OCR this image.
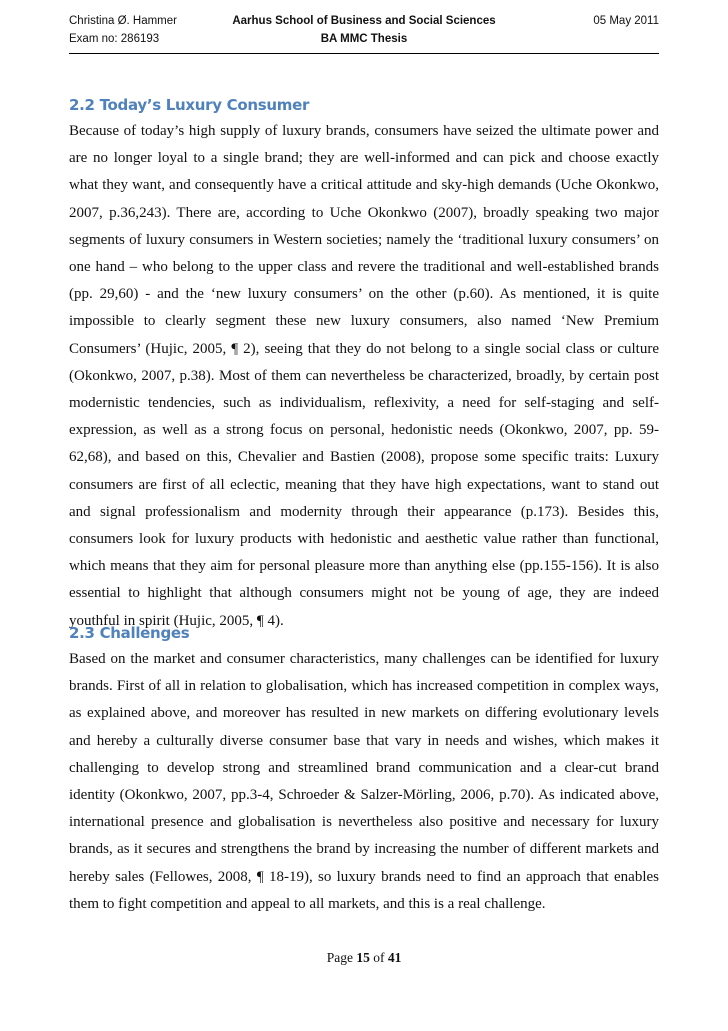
Christina Ø. Hammer	Aarhus School of Business and Social Sciences	05 May 2011
Exam no: 286193	BA MMC Thesis
2.2 Today’s Luxury Consumer

Because of today’s high supply of luxury brands, consumers have seized the ultimate power and are no longer loyal to a single brand; they are well-informed and can pick and choose exactly what they want, and consequently have a critical attitude and sky-high demands (Uche Okonkwo, 2007, p.36,243). There are, according to Uche Okonkwo (2007), broadly speaking two major segments of luxury consumers in Western societies; namely the ‘traditional luxury consumers’ on one hand – who belong to the upper class and revere the traditional and well-established brands (pp. 29,60) - and the ‘new luxury consumers’ on the other (p.60). As mentioned, it is quite impossible to clearly segment these new luxury consumers, also named ‘New Premium Consumers’ (Hujic, 2005, ¶ 2), seeing that they do not belong to a single social class or culture (Okonkwo, 2007, p.38). Most of them can nevertheless be characterized, broadly, by certain post modernistic tendencies, such as individualism, reflexivity, a need for self-staging and self-expression, as well as a strong focus on personal, hedonistic needs (Okonkwo, 2007, pp. 59-62,68), and based on this, Chevalier and Bastien (2008), propose some specific traits: Luxury consumers are first of all eclectic, meaning that they have high expectations, want to stand out and signal professionalism and modernity through their appearance (p.173). Besides this, consumers look for luxury products with hedonistic and aesthetic value rather than functional, which means that they aim for personal pleasure more than anything else (pp.155-156). It is also essential to highlight that although consumers might not be young of age, they are indeed youthful in spirit (Hujic, 2005, ¶ 4).

2.3 Challenges

Based on the market and consumer characteristics, many challenges can be identified for luxury brands. First of all in relation to globalisation, which has increased competition in complex ways, as explained above, and moreover has resulted in new markets on differing evolutionary levels and hereby a culturally diverse consumer base that vary in needs and wishes, which makes it challenging to develop strong and streamlined brand communication and a clear-cut brand identity (Okonkwo, 2007, pp.3-4, Schroeder & Salzer-Mörling, 2006, p.70). As indicated above, international presence and globalisation is nevertheless also positive and necessary for luxury brands, as it secures and strengthens the brand by increasing the number of different markets and hereby sales (Fellowes, 2008, ¶ 18-19), so luxury brands need to find an approach that enables them to fight competition and appeal to all markets, and this is a real challenge.

Page 15 of 41
